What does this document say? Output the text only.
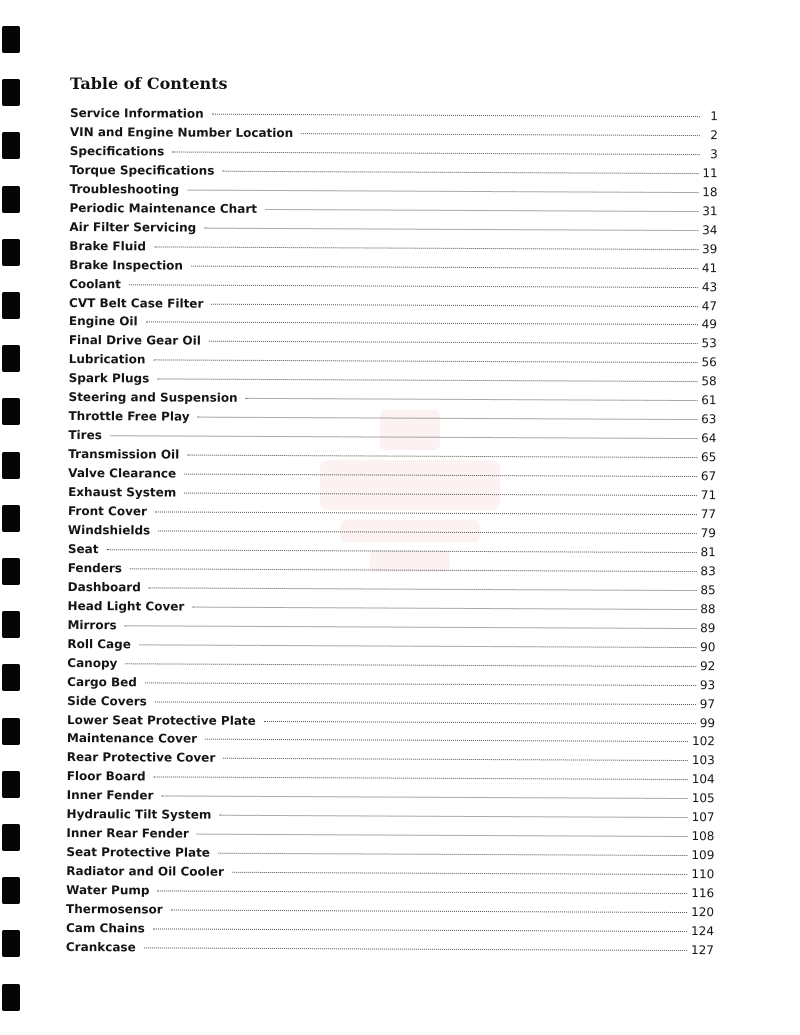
Table of Contents
Service Information	1
VIN and Engine Number Location	2
Specifications	3
Torque Specifications	11
Troubleshooting	18
Periodic Maintenance Chart	31
Air Filter Servicing	34
Brake Fluid	39
Brake Inspection	41
Coolant	43
CVT Belt Case Filter	47
Engine Oil	49
Final Drive Gear Oil	53
Lubrication	56
Spark Plugs	58
Steering and Suspension	61
Throttle Free Play	63
Tires	64
Transmission Oil	65
Valve Clearance	67
Exhaust System	71
Front Cover	77
Windshields	79
Seat	81
Fenders	83
Dashboard	85
Head Light Cover	88
Mirrors	89
Roll Cage	90
Canopy	92
Cargo Bed	93
Side Covers	97
Lower Seat Protective Plate	99
Maintenance Cover	102
Rear Protective Cover	103
Floor Board	104
Inner Fender	105
Hydraulic Tilt System	107
Inner Rear Fender	108
Seat Protective Plate	109
Radiator and Oil Cooler	110
Water Pump	116
Thermosensor	120
Cam Chains	124
Crankcase	127
